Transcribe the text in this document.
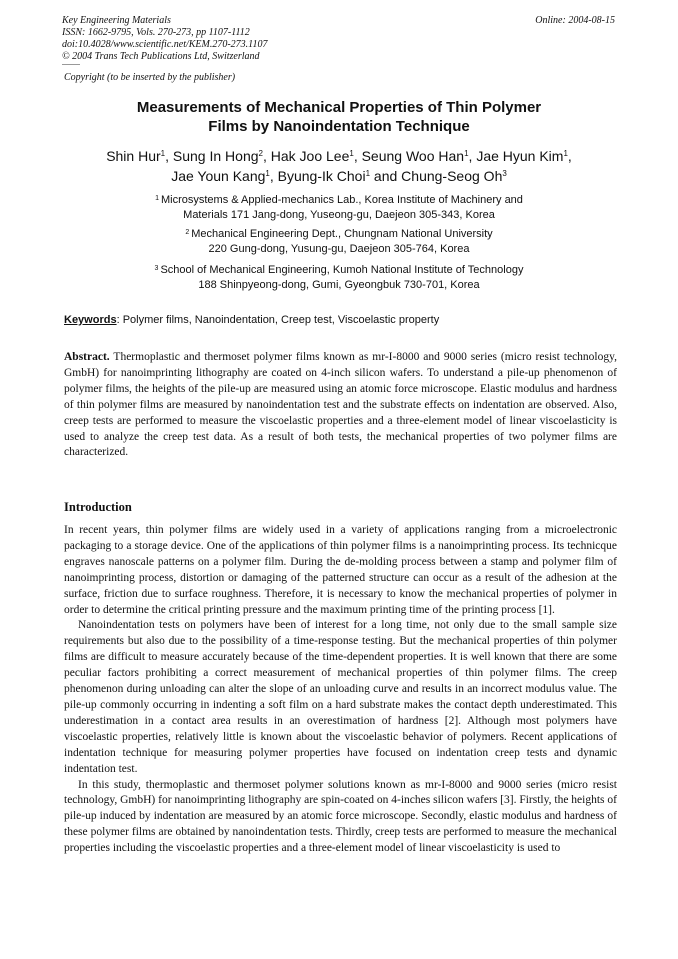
Key Engineering Materials
ISSN: 1662-9795, Vols. 270-273, pp 1107-1112
doi:10.4028/www.scientific.net/KEM.270-273.1107
© 2004 Trans Tech Publications Ltd, Switzerland
Online: 2004-08-15
Copyright (to be inserted by the publisher)
Measurements of Mechanical Properties of Thin Polymer
Films by Nanoindentation Technique
Shin Hur$^1$, Sung In Hong$^2$, Hak Joo Lee$^1$, Seung Woo Han$^1$, Jae Hyun Kim$^1$,
Jae Youn Kang$^1$, Byung-Ik Choi$^1$ and Chung-Seog Oh$^3$
$^1$ Microsystems & Applied-mechanics Lab., Korea Institute of Machinery and
Materials 171 Jang-dong, Yuseong-gu, Daejeon 305-343, Korea
$^2$ Mechanical Engineering Dept., Chungnam National University
220 Gung-dong, Yusung-gu, Daejeon 305-764, Korea
$^3$ School of Mechanical Engineering, Kumoh National Institute of Technology
188 Shinpyeong-dong, Gumi, Gyeongbuk 730-701, Korea
Keywords: Polymer films, Nanoindentation, Creep test, Viscoelastic property
Abstract. Thermoplastic and thermoset polymer films known as mr-I-8000 and 9000 series (micro resist technology, GmbH) for nanoimprinting lithography are coated on 4-inch silicon wafers. To understand a pile-up phenomenon of polymer films, the heights of the pile-up are measured using an atomic force microscope. Elastic modulus and hardness of thin polymer films are measured by nanoindentation test and the substrate effects on indentation are observed. Also, creep tests are performed to measure the viscoelastic properties and a three-element model of linear viscoelasticity is used to analyze the creep test data. As a result of both tests, the mechanical properties of two polymer films are characterized.
Introduction

In recent years, thin polymer films are widely used in a variety of applications ranging from a microelectronic packaging to a storage device. One of the applications of thin polymer films is a nanoimprinting process. Its technicque engraves nanoscale patterns on a polymer film. During the de-molding process between a stamp and polymer film of nanoimprinting process, distortion or damaging of the patterned structure can occur as a result of the adhesion at the surface, friction due to surface roughness. Therefore, it is necessary to know the mechanical properties of polymer in order to determine the critical printing pressure and the maximum printing time of the printing process [1].

Nanoindentation tests on polymers have been of interest for a long time, not only due to the small sample size requirements but also due to the possibility of a time-response testing. But the mechanical properties of thin polymer films are difficult to measure accurately because of the time-dependent properties. It is well known that there are some peculiar factors prohibiting a correct measurement of mechanical properties of thin polymer films. The creep phenomenon during unloading can alter the slope of an unloading curve and results in an incorrect modulus value. The pile-up commonly occurring in indenting a soft film on a hard substrate makes the contact depth underestimated. This underestimation in a contact area results in an overestimation of hardness [2]. Although most polymers have viscoelastic properties, relatively little is known about the viscoelastic behavior of polymers. Recent applications of indentation technique for measuring polymer properties have focused on indentation creep tests and dynamic indentation test.

In this study, thermoplastic and thermoset polymer solutions known as mr-I-8000 and 9000 series (micro resist technology, GmbH) for nanoimprinting lithography are spin-coated on 4-inches silicon wafers [3]. Firstly, the heights of pile-up induced by indentation are measured by an atomic force microscope. Secondly, elastic modulus and hardness of these polymer films are obtained by nanoindentation tests. Thirdly, creep tests are performed to measure the mechanical properties including the viscoelastic properties and a three-element model of linear viscoelasticity is used to
